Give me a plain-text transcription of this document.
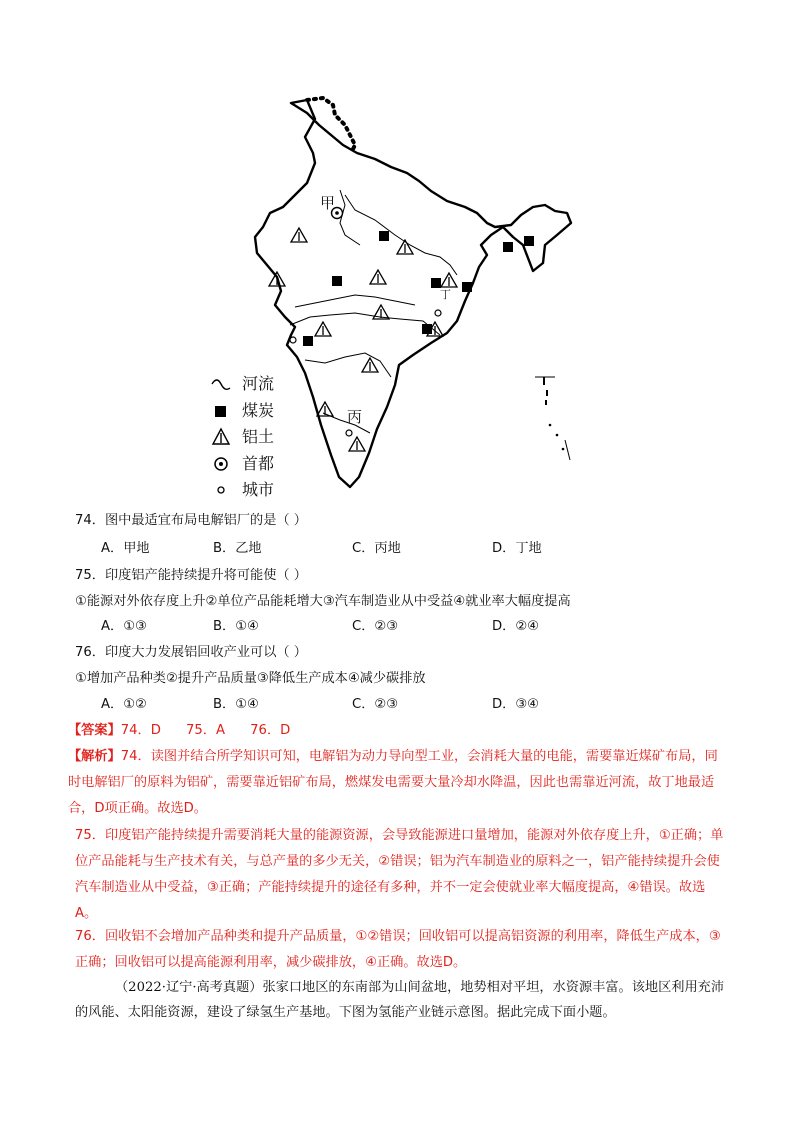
甲
丁
丙
河流
煤炭
铝土
首都
城市
74．图中最适宜布局电解铝厂的是（ ）
A．甲地	B．乙地	C．丙地	D．丁地
75．印度铝产能持续提升将可能使（ ）
①能源对外依存度上升②单位产品能耗增大③汽车制造业从中受益④就业率大幅度提高
A．①③	B．①④	C．②③	D．②④
76．印度大力发展铝回收产业可以（ ）
①增加产品种类②提升产品质量③降低生产成本④减少碳排放
A．①②	B．①④	C．②③	D．③④
【答案】74．D      75．A      76．D
【解析】74．读图并结合所学知识可知，电解铝为动力导向型工业，会消耗大量的电能，需要靠近煤矿布局，同时电解铝厂的原料为铝矿，需要靠近铝矿布局，燃煤发电需要大量冷却水降温，因此也需靠近河流，故丁地最适合，D项正确。故选D。
75．印度铝产能持续提升需要消耗大量的能源资源，会导致能源进口量增加，能源对外依存度上升，①正确；单位产品能耗与生产技术有关，与总产量的多少无关，②错误；铝为汽车制造业的原料之一，铝产能持续提升会使汽车制造业从中受益，③正确；产能持续提升的途径有多种，并不一定会使就业率大幅度提高，④错误。故选A。
76．回收铝不会增加产品种类和提升产品质量，①②错误；回收铝可以提高铝资源的利用率，降低生产成本，③正确；回收铝可以提高能源利用率，减少碳排放，④正确。故选D。
（2022·辽宁·高考真题）张家口地区的东南部为山间盆地，地势相对平坦，水资源丰富。该地区利用充沛的风能、太阳能资源，建设了绿氢生产基地。下图为氢能产业链示意图。据此完成下面小题。
